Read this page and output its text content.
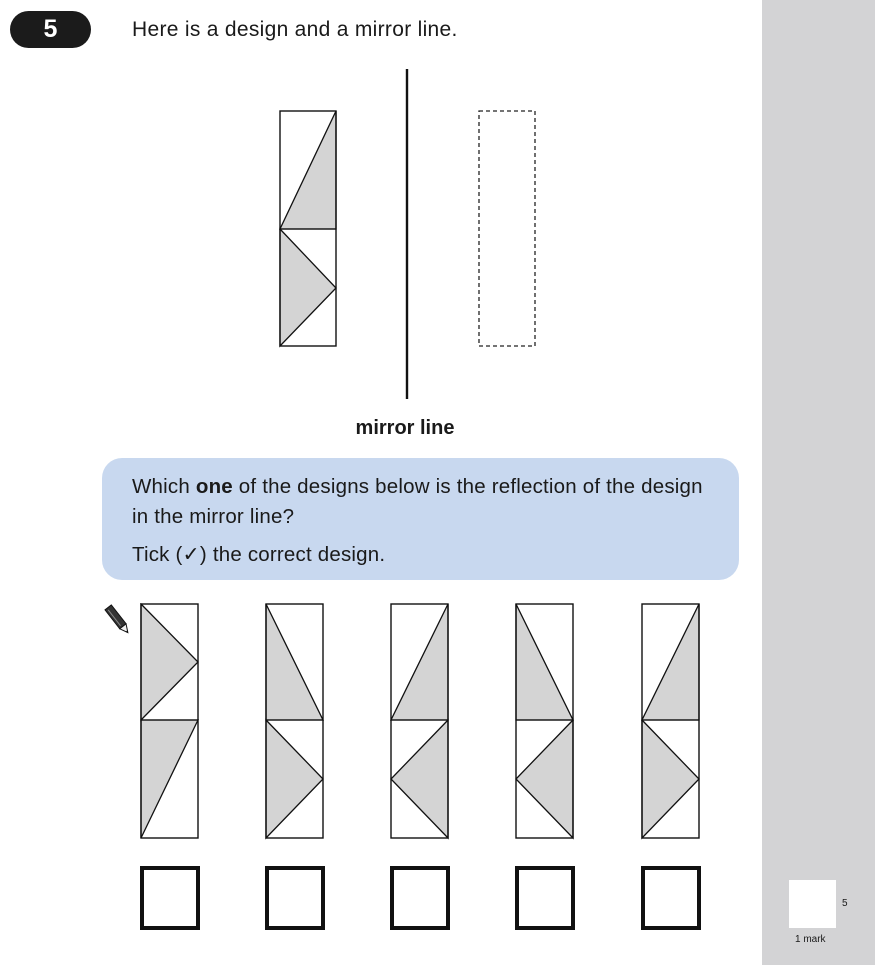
5	Here is a design and a mirror line.
mirror line

Which one of the designs below is the reflection of the design in the mirror line?

Tick (✓) the correct design.

5
1 mark
